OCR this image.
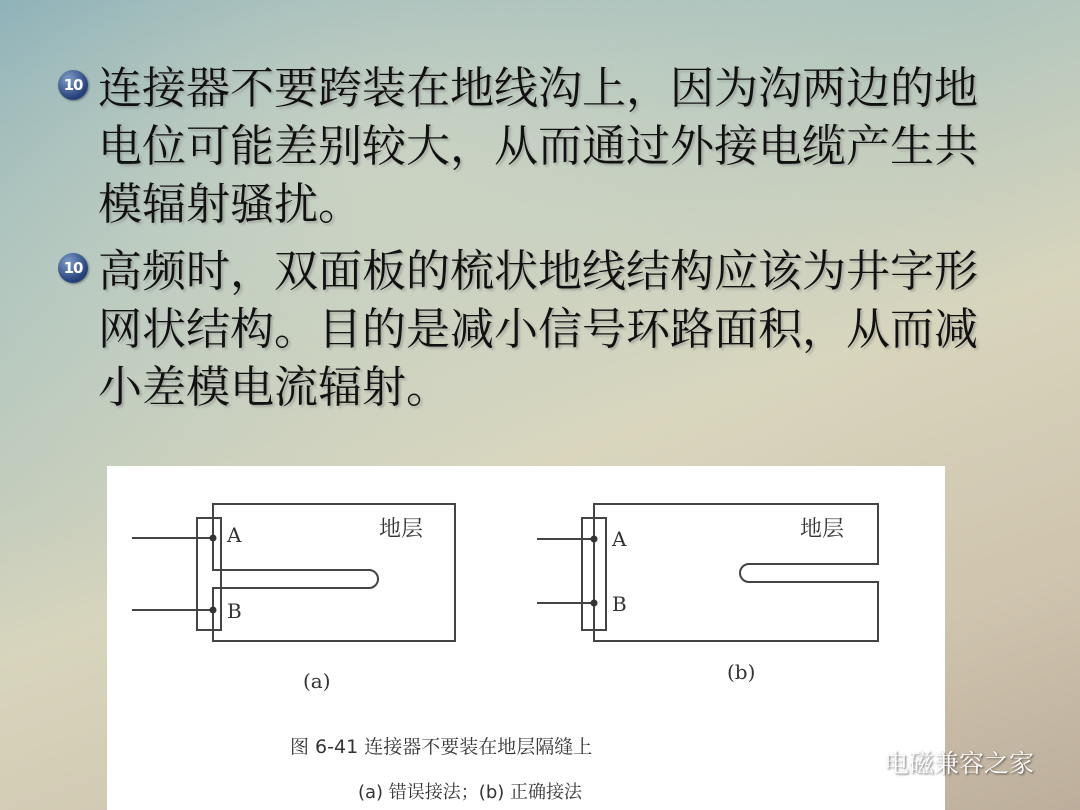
10 连接器不要跨装在地线沟上，因为沟两边的地电位可能差别较大，从而通过外接电缆产生共模辐射骚扰。
10 高频时，双面板的梳状地线结构应该为井字形网状结构。目的是减小信号环路面积，从而减小差模电流辐射。
A
B
地层
(a)
A
B
地层
(b)
图 6-41 连接器不要装在地层隔缝上
(a) 错误接法；(b) 正确接法
电磁兼容之家
